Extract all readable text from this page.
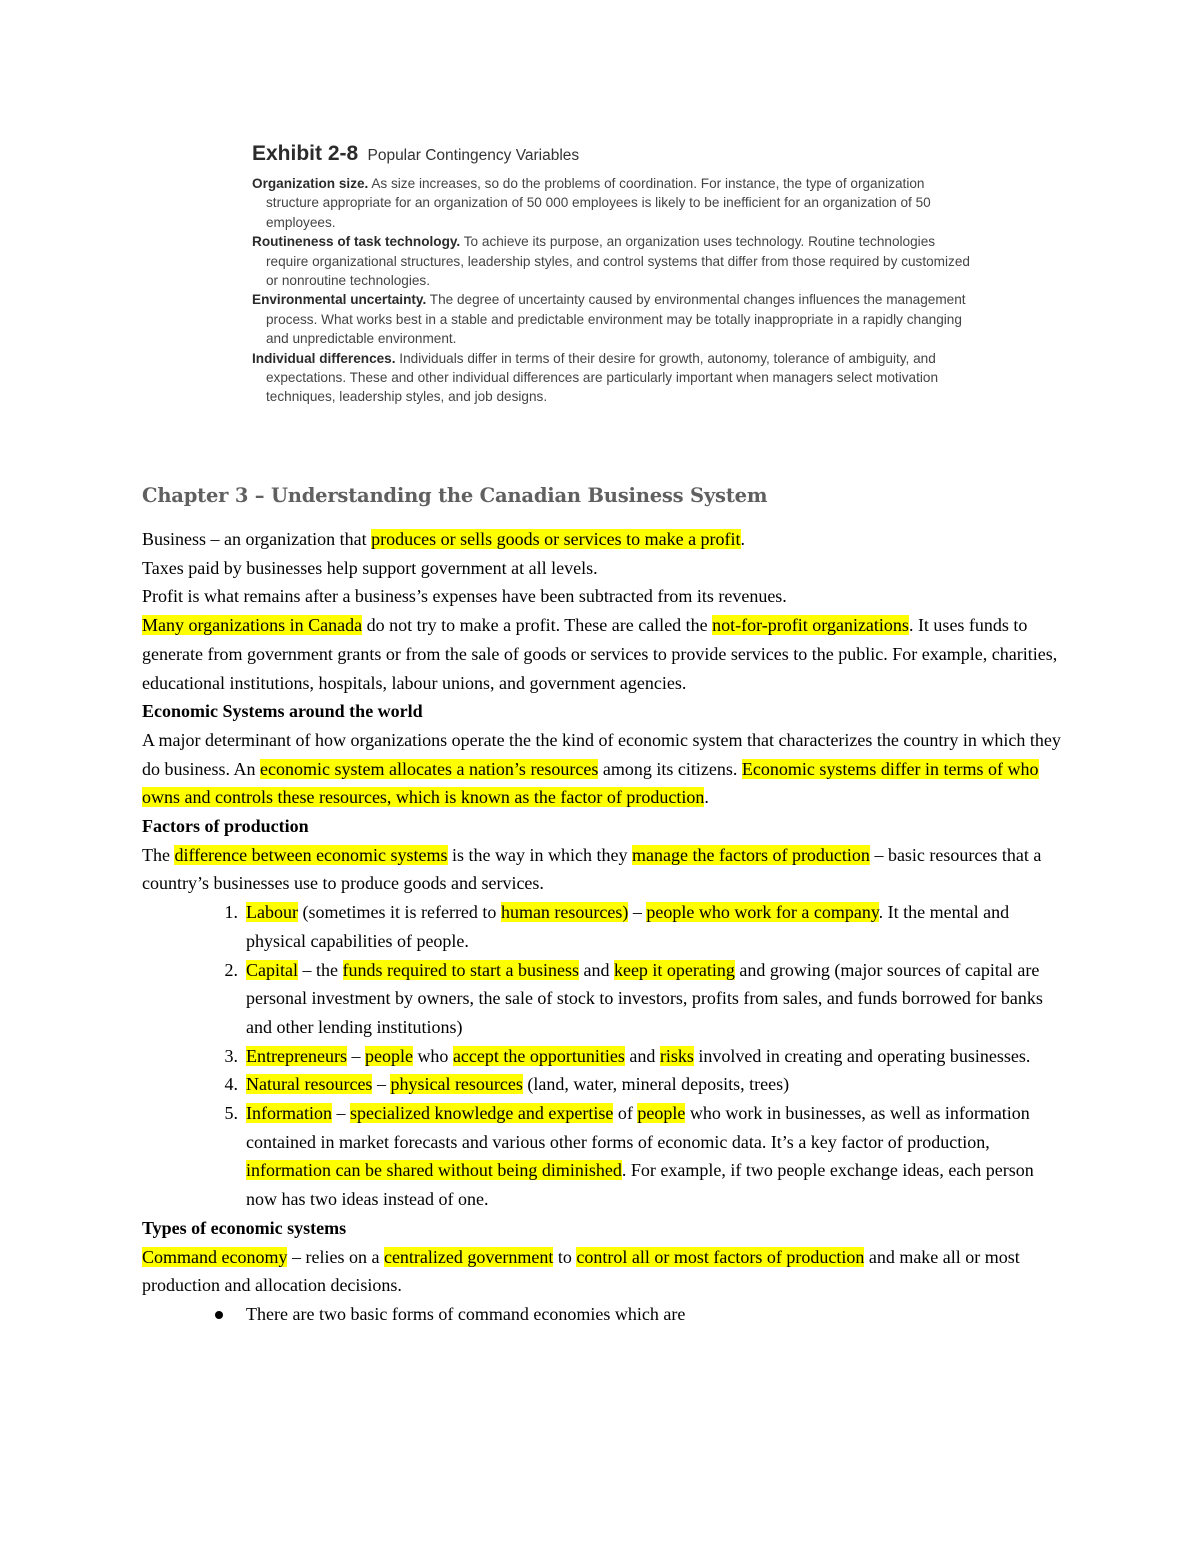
Exhibit 2-8 Popular Contingency Variables

Organization size. As size increases, so do the problems of coordination. For instance, the type of organization structure appropriate for an organization of 50 000 employees is likely to be inefficient for an organization of 50 employees.

Routineness of task technology. To achieve its purpose, an organization uses technology. Routine technologies require organizational structures, leadership styles, and control systems that differ from those required by customized or nonroutine technologies.

Environmental uncertainty. The degree of uncertainty caused by environmental changes influences the management process. What works best in a stable and predictable environment may be totally inappropriate in a rapidly changing and unpredictable environment.

Individual differences. Individuals differ in terms of their desire for growth, autonomy, tolerance of ambiguity, and expectations. These and other individual differences are particularly important when managers select motivation techniques, leadership styles, and job designs.

Chapter 3 – Understanding the Canadian Business System

Business – an organization that produces or sells goods or services to make a profit.

Taxes paid by businesses help support government at all levels.

Profit is what remains after a business’s expenses have been subtracted from its revenues.

Many organizations in Canada do not try to make a profit. These are called the not-for-profit organizations. It uses funds to generate from government grants or from the sale of goods or services to provide services to the public. For example, charities, educational institutions, hospitals, labour unions, and government agencies.

Economic Systems around the world

A major determinant of how organizations operate the the kind of economic system that characterizes the country in which they do business. An economic system allocates a nation’s resources among its citizens. Economic systems differ in terms of who owns and controls these resources, which is known as the factor of production.

Factors of production

The difference between economic systems is the way in which they manage the factors of production – basic resources that a country’s businesses use to produce goods and services.

1. Labour (sometimes it is referred to human resources) – people who work for a company. It the mental and physical capabilities of people.
2. Capital – the funds required to start a business and keep it operating and growing (major sources of capital are personal investment by owners, the sale of stock to investors, profits from sales, and funds borrowed for banks and other lending institutions)
3. Entrepreneurs – people who accept the opportunities and risks involved in creating and operating businesses.
4. Natural resources – physical resources (land, water, mineral deposits, trees)
5. Information – specialized knowledge and expertise of people who work in businesses, as well as information contained in market forecasts and various other forms of economic data. It’s a key factor of production, information can be shared without being diminished. For example, if two people exchange ideas, each person now has two ideas instead of one.

Types of economic systems

Command economy – relies on a centralized government to control all or most factors of production and make all or most production and allocation decisions.

There are two basic forms of command economies which are
